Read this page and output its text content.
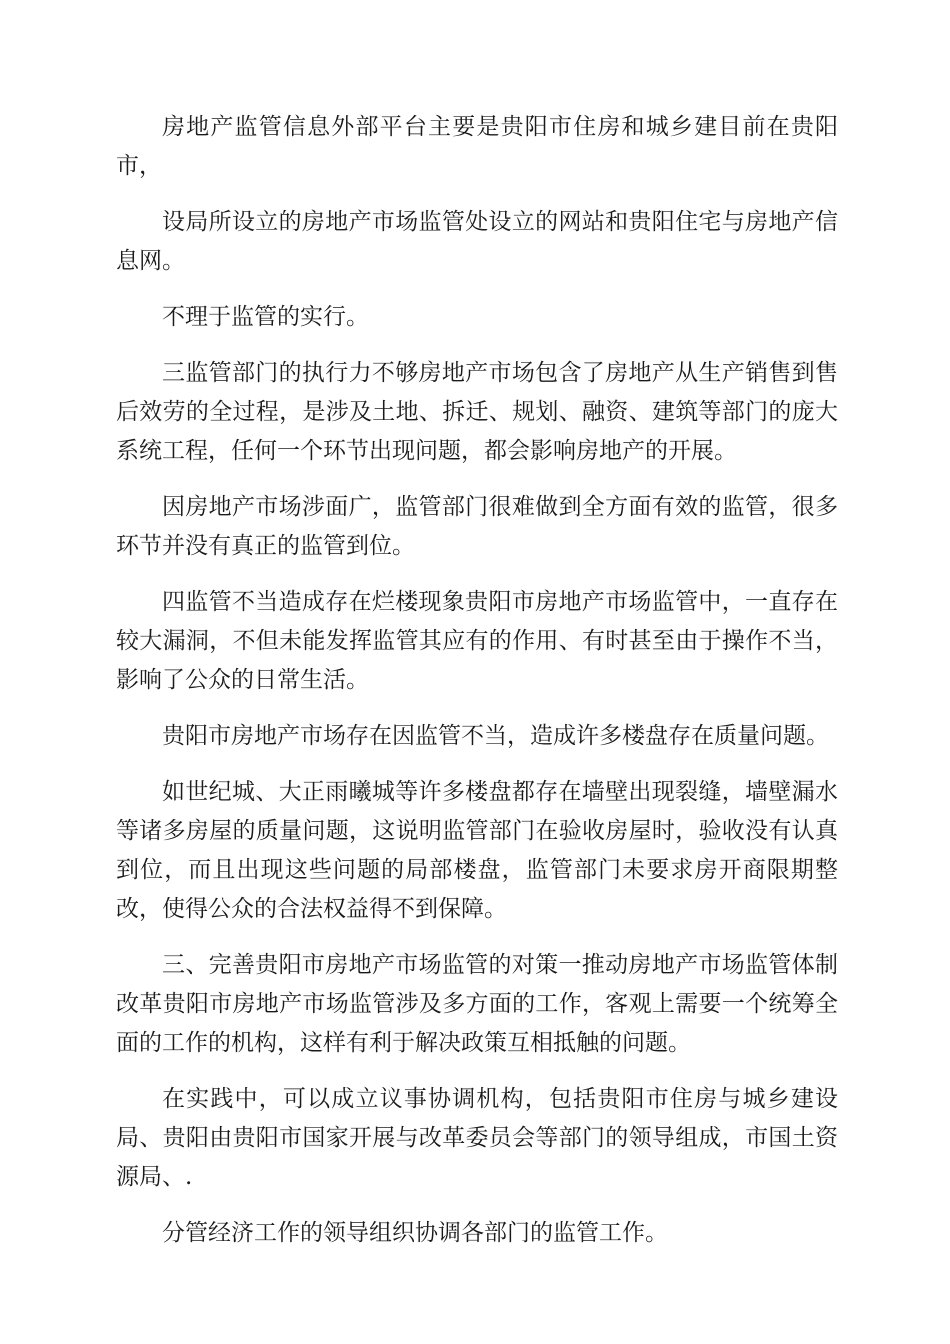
房地产监管信息外部平台主要是贵阳市住房和城乡建目前在贵阳市，

设局所设立的房地产市场监管处设立的网站和贵阳住宅与房地产信息网。

不理于监管的实行。

三监管部门的执行力不够房地产市场包含了房地产从生产销售到售后效劳的全过程，是涉及土地、拆迁、规划、融资、建筑等部门的庞大系统工程，任何一个环节出现问题，都会影响房地产的开展。

因房地产市场涉面广，监管部门很难做到全方面有效的监管，很多环节并没有真正的监管到位。

四监管不当造成存在烂楼现象贵阳市房地产市场监管中，一直存在较大漏洞，不但未能发挥监管其应有的作用、有时甚至由于操作不当，影响了公众的日常生活。

贵阳市房地产市场存在因监管不当，造成许多楼盘存在质量问题。

如世纪城、大正雨曦城等许多楼盘都存在墙壁出现裂缝，墙壁漏水等诸多房屋的质量问题，这说明监管部门在验收房屋时，验收没有认真到位，而且出现这些问题的局部楼盘，监管部门未要求房开商限期整改，使得公众的合法权益得不到保障。

三、完善贵阳市房地产市场监管的对策一推动房地产市场监管体制改革贵阳市房地产市场监管涉及多方面的工作，客观上需要一个统筹全面的工作的机构，这样有利于解决政策互相抵触的问题。

在实践中，可以成立议事协调机构，包括贵阳市住房与城乡建设局、贵阳由贵阳市国家开展与改革委员会等部门的领导组成，市国土资源局、.

分管经济工作的领导组织协调各部门的监管工作。
